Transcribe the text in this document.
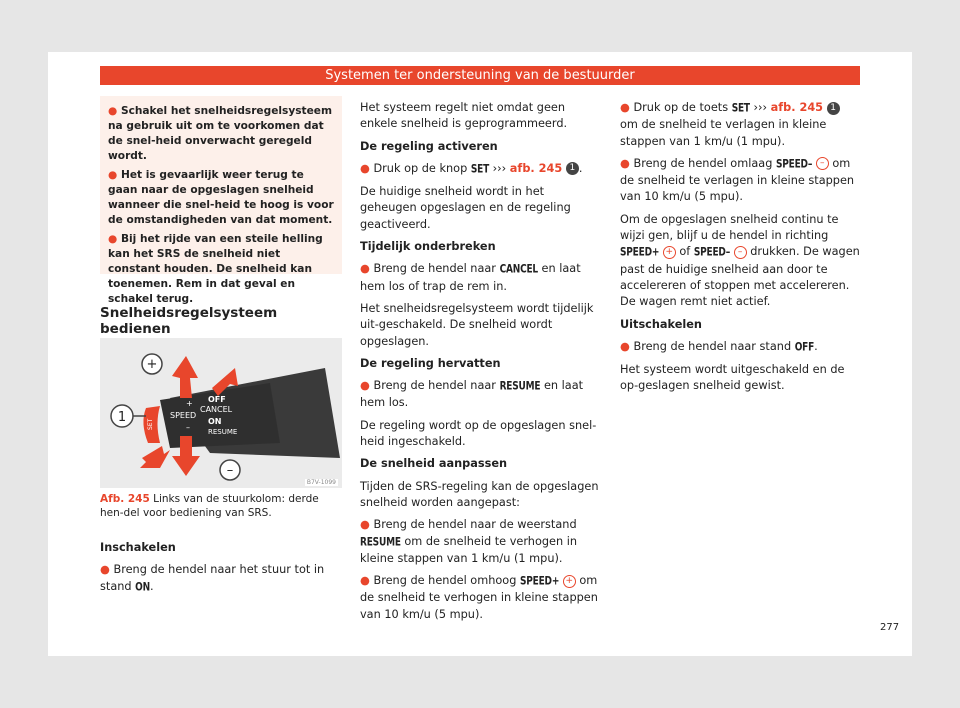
Systemen ter ondersteuning van de bestuurder

● Schakel het snelheidsregelsysteem na gebruik uit om te voorkomen dat de snel-heid onverwacht geregeld wordt.

● Het is gevaarlijk weer terug te gaan naar de opgeslagen snelheid wanneer die snel-heid te hoog is voor de omstandigheden van dat moment.

● Bij het rijde van een steile helling kan het SRS de snelheid niet constant houden. De snelheid kan toenemen. Rem in dat geval en schakel terug.

Snelheidsregelsysteem bedienen
+
–
1
OFF
CANCEL
SPEED
ON
RESUME
+
–
SET
B7V-1099
Afb. 245 Links van de stuurkolom: derde hen-del voor bediening van SRS.

Inschakelen

● Breng de hendel naar het stuur tot in stand ON.

Het systeem regelt niet omdat geen enkele snelheid is geprogrammeerd.

De regeling activeren

● Druk op de knop SET ››› afb. 245 1 .

De huidige snelheid wordt in het geheugen opgeslagen en de regeling geactiveerd.

Tijdelijk onderbreken

● Breng de hendel naar CANCEL en laat hem los of trap de rem in.

Het snelheidsregelsysteem wordt tijdelijk uit-geschakeld. De snelheid wordt opgeslagen.

De regeling hervatten

● Breng de hendel naar RESUME en laat hem los.

De regeling wordt op de opgeslagen snel-heid ingeschakeld.

De snelheid aanpassen

Tijden de SRS-regeling kan de opgeslagen snelheid worden aangepast:

● Breng de hendel naar de weerstand RESUME om de snelheid te verhogen in kleine stappen van 1 km/u (1 mpu).

● Breng de hendel omhoog SPEED+ + om de snelheid te verhogen in kleine stappen van 10 km/u (5 mpu).

● Druk op de toets SET ››› afb. 245 1 om de snelheid te verlagen in kleine stappen van 1 km/u (1 mpu).

● Breng de hendel omlaag SPEED– – om de snelheid te verlagen in kleine stappen van 10 km/u (5 mpu).

Om de opgeslagen snelheid continu te wijzi gen, blijf u de hendel in richting SPEED+ + of SPEED– – drukken. De wagen past de huidige snelheid aan door te accelereren of stoppen met accelereren. De wagen remt niet actief.

Uitschakelen

● Breng de hendel naar stand OFF.

Het systeem wordt uitgeschakeld en de op-geslagen snelheid gewist.

277
